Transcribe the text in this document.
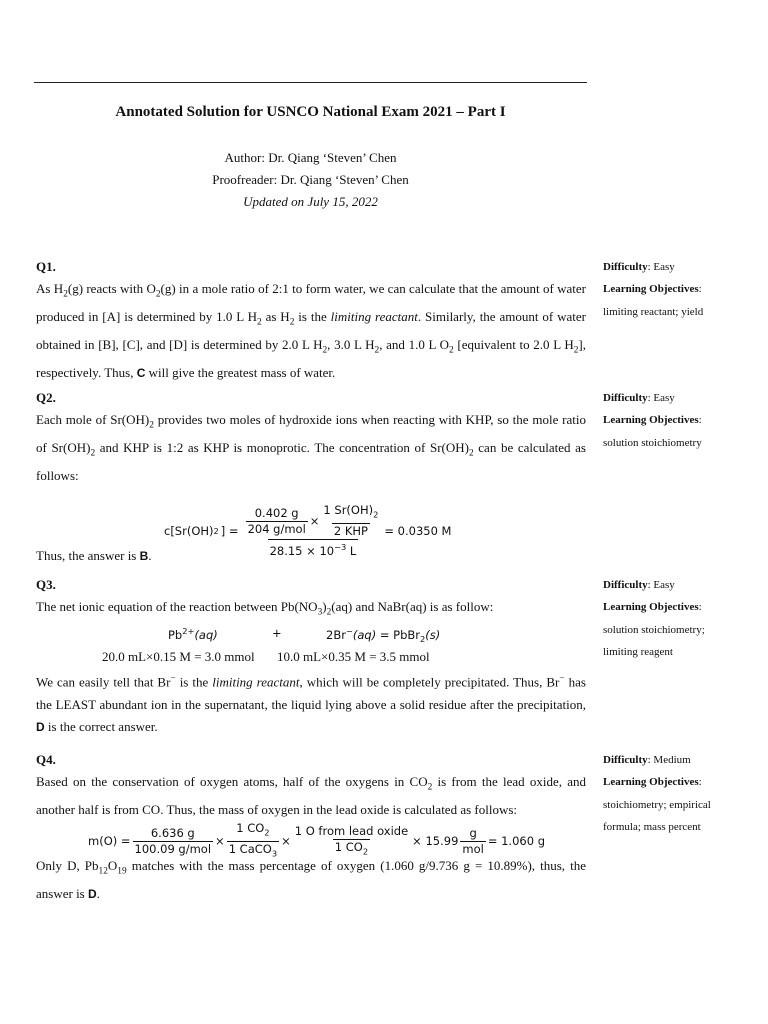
Annotated Solution for USNCO National Exam 2021 – Part I
Author: Dr. Qiang ‘Steven’ Chen
Proofreader: Dr. Qiang ‘Steven’ Chen
Updated on July 15, 2022
Q1.
As $H_2(g)$ reacts with $O_2(g)$ in a mole ratio of 2:1 to form water, we can calculate that the amount of water produced in [A] is determined by 1.0 L $H_2$ as $H_2$ is the limiting reactant. Similarly, the amount of water obtained in [B], [C], and [D] is determined by 2.0 L $H_2$, 3.0 L $H_2$, and 1.0 L $O_2$ [equivalent to 2.0 L $H_2$], respectively. Thus, C will give the greatest mass of water.
Difficulty: Easy
Learning Objectives:
limiting reactant; yield
Q2.
Each mole of $Sr(OH)_2$ provides two moles of hydroxide ions when reacting with KHP, so the mole ratio of $Sr(OH)_2$ and KHP is 1:2 as KHP is monoprotic. The concentration of $Sr(OH)_2$ can be calculated as follows:
c[Sr(OH) 2 ] = $\frac{\frac{0.402 g}{\text{204 g/mol}} \times \frac{1 Sr(OH)_2}{\text{2 KHP}}}{28.15 \times 10^{-3} L} = 0.0350$ M
Thus, the answer is B.
Difficulty: Easy
Learning Objectives:
solution stoichiometry
Q3.
The net ionic equation of the reaction between $Pb(NO_3)_2(aq)$ and NaBr(aq) is as follow:
$Pb^{2+}(aq)$	+	2Br−(aq) = PbBr$_2$(s)
20.0 mL×0.15 M = 3.0 mmol 10.0 mL×0.35 M = 3.5 mmol
We can easily tell that Br− is the limiting reactant, which will be completely precipitated. Thus, Br− has the LEAST abundant ion in the supernatant, the liquid lying above a solid residue after the precipitation, D is the correct answer.
Difficulty: Easy
Learning Objectives:
solution stoichiometry;
limiting reagent
Q4.
Based on the conservation of oxygen atoms, half of the oxygens in $CO_2$ is from the lead oxide, and another half is from CO. Thus, the mass of oxygen in the lead oxide is calculated as follows:
$m(O) = \frac{6.636 g}{\text{100.09 g/mol}} \times \frac{1 CO_2}{1 CaCO_3} \times \frac{\text{1 O from lead oxide}}{1 CO_2} \times 15.99 \frac{g}{\text{mol}} = 1.060$ g
Only D, $Pb_{12}O_{19}$ matches with the mass percentage of oxygen (1.060 g/9.736 g = 10.89%), thus, the answer is D.
Difficulty: Medium
Learning Objectives:
stoichiometry; empirical
formula; mass percent
